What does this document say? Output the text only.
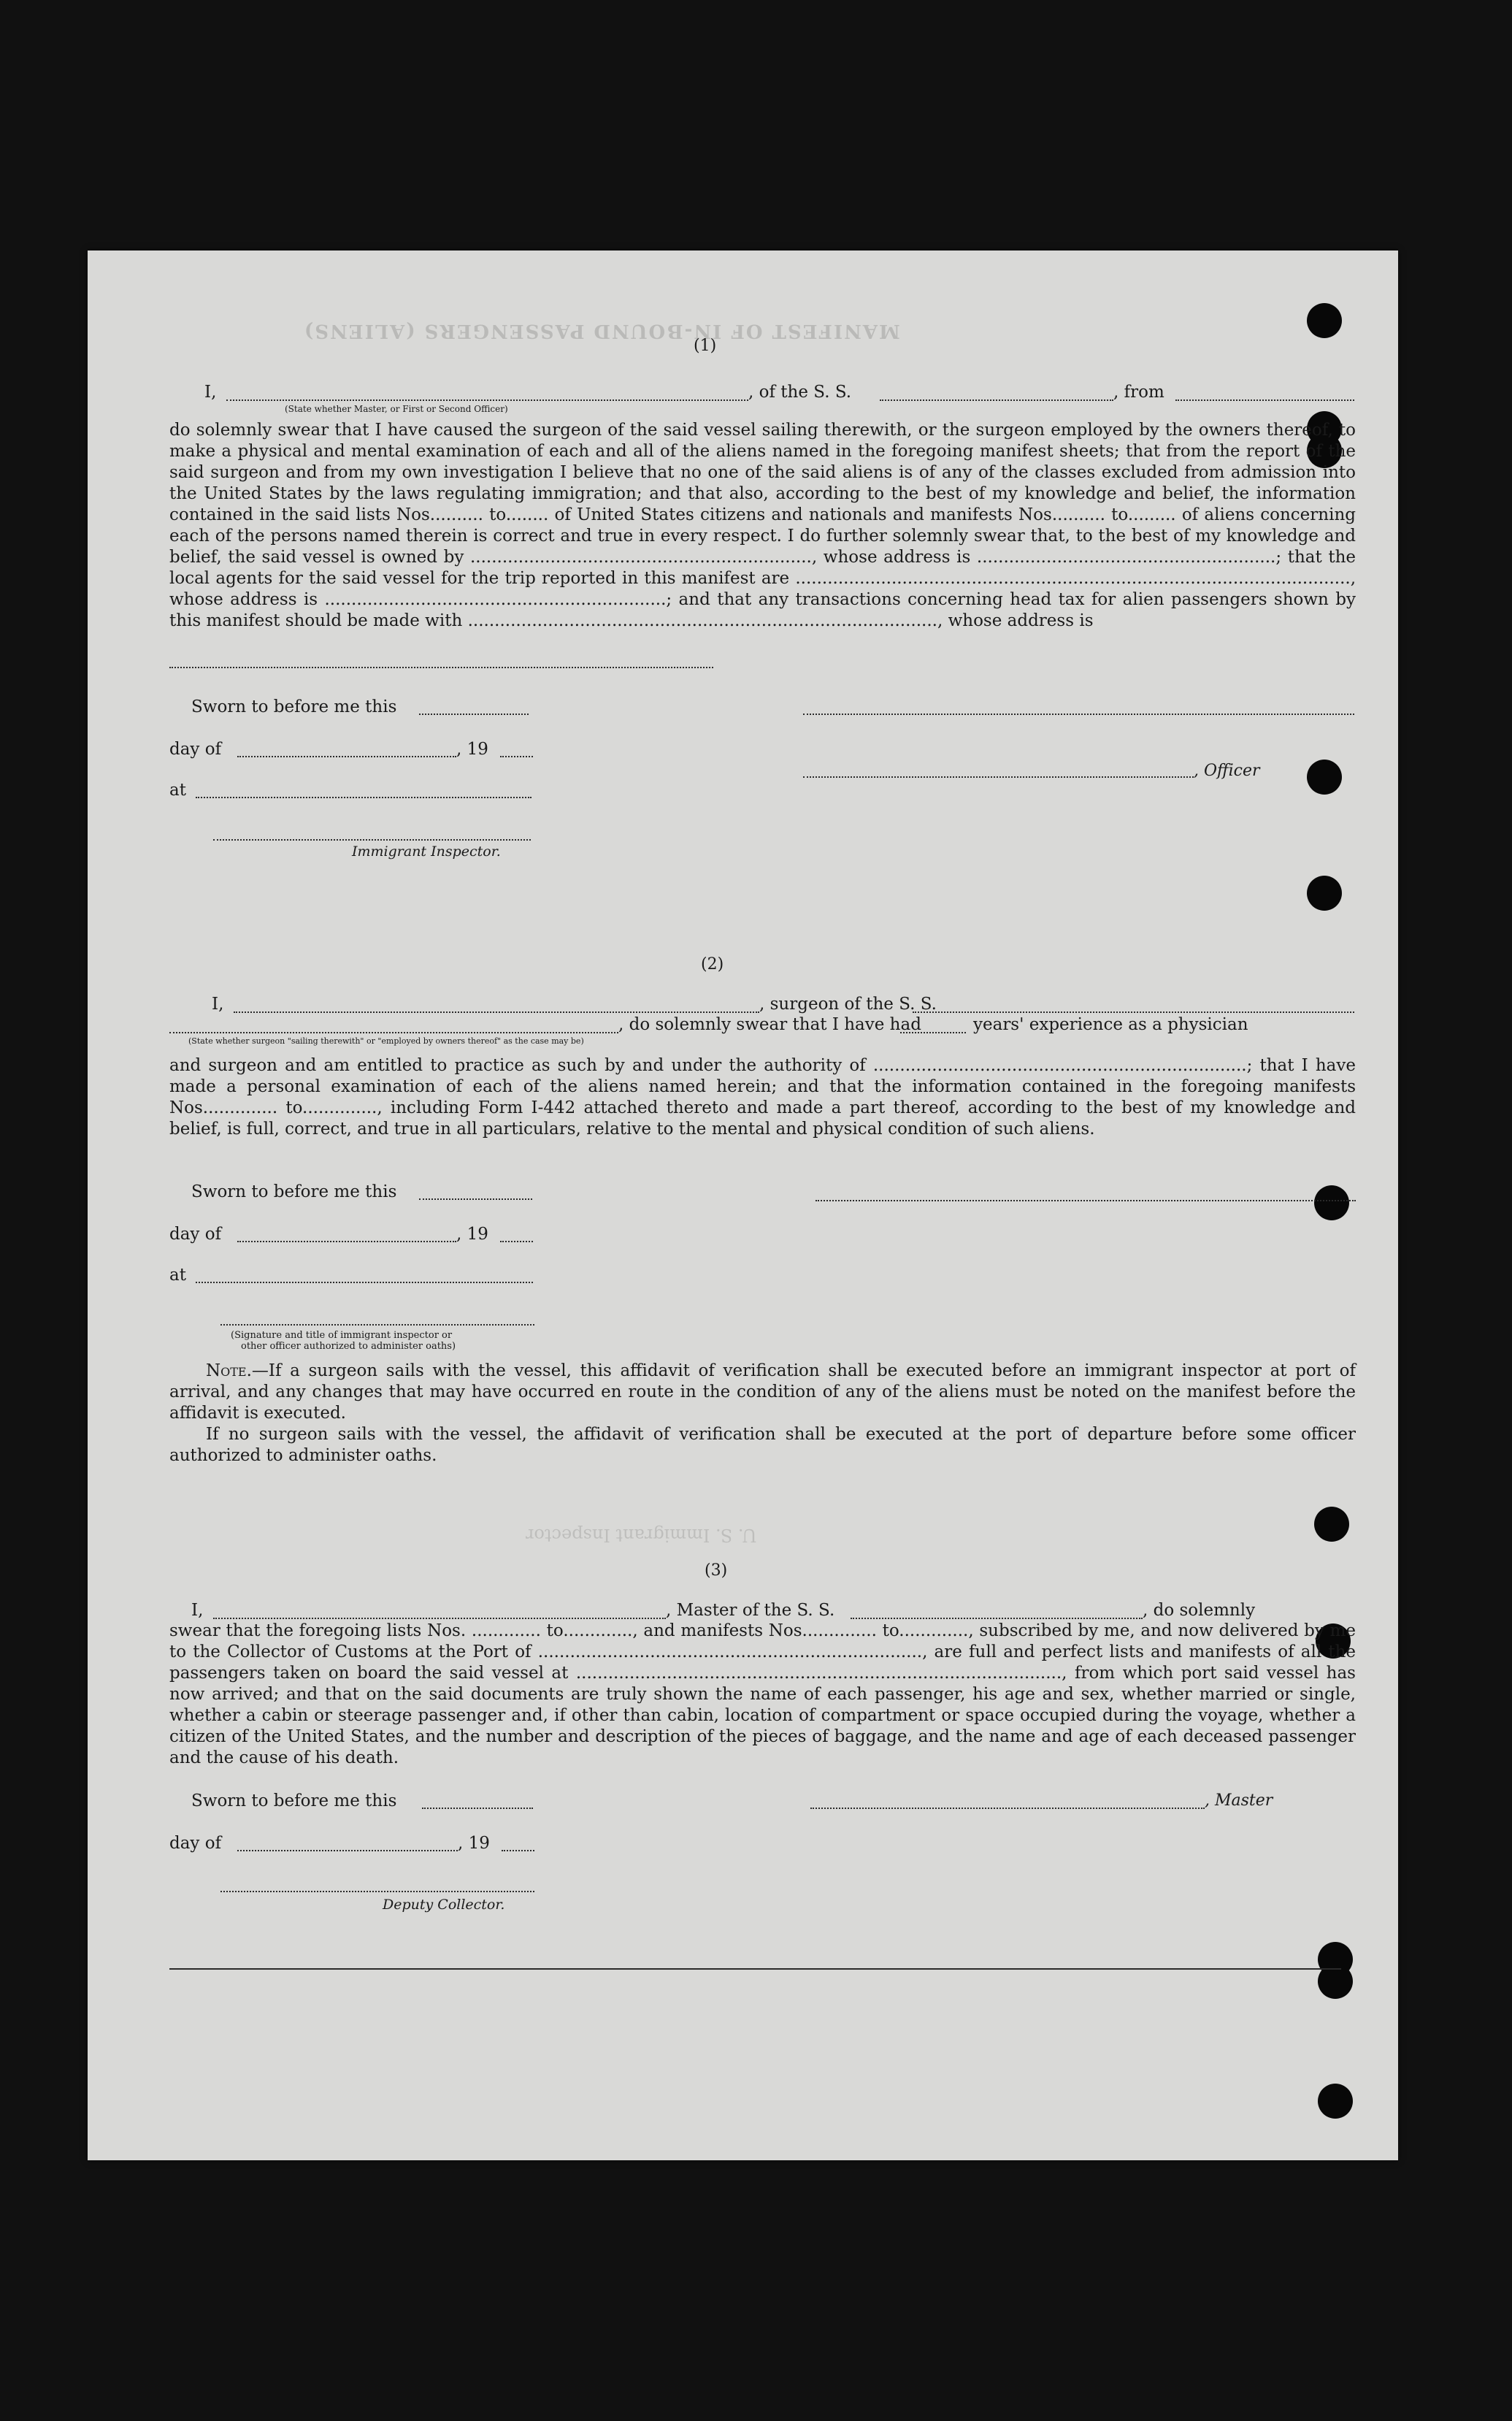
MANIFEST OF IN-BOUND PASSENGERS (ALIENS)
U. S. Immigrant Inspector
(1)
I,	, of the S. S.	, from
(State whether Master, or First or Second Officer)
do solemnly swear that I have caused the surgeon of the said vessel sailing therewith, or the surgeon employed by the owners thereof, to make a physical and mental examination of each and all of the aliens named in the foregoing manifest sheets; that from the report of the said surgeon and from my own investigation I believe that no one of the said aliens is of any of the classes excluded from admission into the United States by the laws regulating immigration; and that also, according to the best of my knowledge and belief, the information contained in the said lists Nos.......... to........ of United States citizens and nationals and manifests Nos.......... to......... of aliens concerning each of the persons named therein is correct and true in every respect. I do further solemnly swear that, to the best of my knowledge and belief, the said vessel is owned by ................................................................, whose address is ........................................................; that the local agents for the said vessel for the trip reported in this manifest are ........................................................................................................, whose address is ................................................................; and that any transactions concerning head tax for alien passengers shown by this manifest should be made with ........................................................................................, whose address is
Sworn to before me this
day of	, 19
, Officer
at
Immigrant Inspector.
(2)
I,	, surgeon of the S. S.
, do solemnly swear that I have had	years' experience as a physician
(State whether surgeon "sailing therewith" or "employed by owners thereof" as the case may be)
and surgeon and am entitled to practice as such by and under the authority of ......................................................................; that I have made a personal examination of each of the aliens named herein; and that the information contained in the foregoing manifests Nos.............. to.............., including Form I-442 attached thereto and made a part thereof, according to the best of my knowledge and belief, is full, correct, and true in all particulars, relative to the mental and physical condition of such aliens.
Sworn to before me this
day of	, 19
at
(Signature and title of immigrant inspector or
other officer authorized to administer oaths)
Note.—If a surgeon sails with the vessel, this affidavit of verification shall be executed before an immigrant inspector at port of arrival, and any changes that may have occurred en route in the condition of any of the aliens must be noted on the manifest before the affidavit is executed.
If no surgeon sails with the vessel, the affidavit of verification shall be executed at the port of departure before some officer authorized to administer oaths.
(3)
I,	, Master of the S. S.	, do solemnly
swear that the foregoing lists Nos. ............. to............., and manifests Nos.............. to............., subscribed by me, and now delivered by me to the Collector of Customs at the Port of ........................................................................, are full and perfect lists and manifests of all the passengers taken on board the said vessel at ..........................................................................................., from which port said vessel has now arrived; and that on the said documents are truly shown the name of each passenger, his age and sex, whether married or single, whether a cabin or steerage passenger and, if other than cabin, location of compartment or space occupied during the voyage, whether a citizen of the United States, and the number and description of the pieces of baggage, and the name and age of each deceased passenger and the cause of his death.
Sworn to before me this	, Master
day of	, 19
Deputy Collector.
